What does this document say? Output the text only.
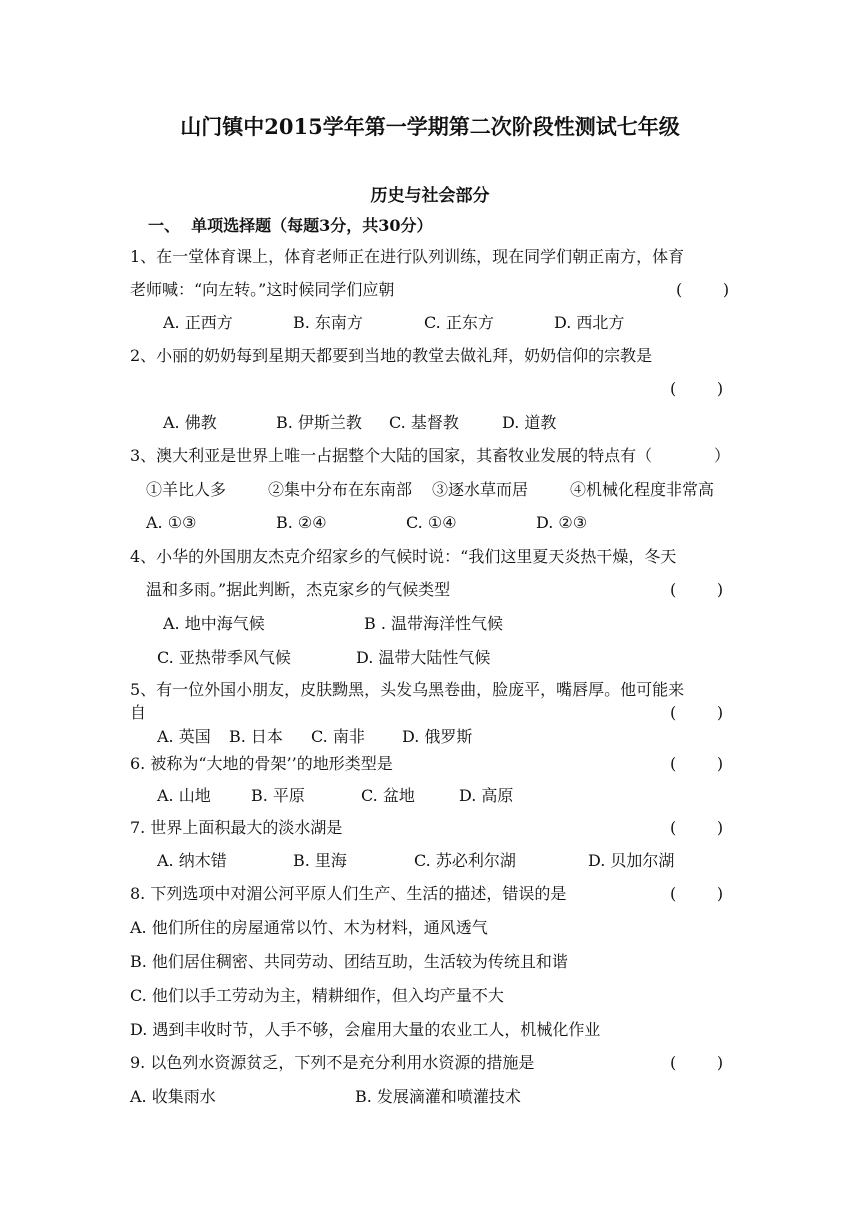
山门镇中2015学年第一学期第二次阶段性测试七年级
历史与社会部分
一、  单项选择题（每题3分，共30分）
1、在一堂体育课上，体育老师正在进行队列训练，现在同学们朝正南方，体育
老师喊：“向左转。”这时候同学们应朝	(        )
A. 正西方	B. 东南方	C. 正东方	D. 西北方
2、小丽的奶奶每到星期天都要到当地的教堂去做礼拜，奶奶信仰的宗教是
(        )
A. 佛教	B. 伊斯兰教 C. 基督教	D. 道教
3、澳大利亚是世界上唯一占据整个大陆的国家，其畜牧业发展的特点有（	）
①羊比人多	②集中分布在东南部 ③逐水草而居	④机械化程度非常高
A. ①③	B. ②④	C. ①④	D. ②③
4、小华的外国朋友杰克介绍家乡的气候时说：“我们这里夏天炎热干燥，冬天
温和多雨。”据此判断，杰克家乡的气候类型	(        )
A. 地中海气候	B . 温带海洋性气候
C. 亚热带季风气候	D. 温带大陆性气候
5、有一位外国小朋友，皮肤黝黑，头发乌黑卷曲，脸庞平，嘴唇厚。他可能来
自	(        )
A. 英国 B. 日本 C. 南非 D. 俄罗斯
6. 被称为“大地的骨架’’的地形类型是	(        )
A. 山地	B. 平原	C. 盆地	D. 高原
7. 世界上面积最大的淡水湖是	(        )
A. 纳木错	B. 里海	C. 苏必利尔湖	D. 贝加尔湖
8. 下列选项中对湄公河平原人们生产、生活的描述，错误的是	(        )
A. 他们所住的房屋通常以竹、木为材料，通风透气
B. 他们居住稠密、共同劳动、团结互助，生活较为传统且和谐
C. 他们以手工劳动为主，精耕细作，但入均产量不大
D. 遇到丰收时节，人手不够，会雇用大量的农业工人，机械化作业
9. 以色列水资源贫乏，下列不是充分利用水资源的措施是	(        )
A. 收集雨水	B. 发展滴灌和喷灌技术
